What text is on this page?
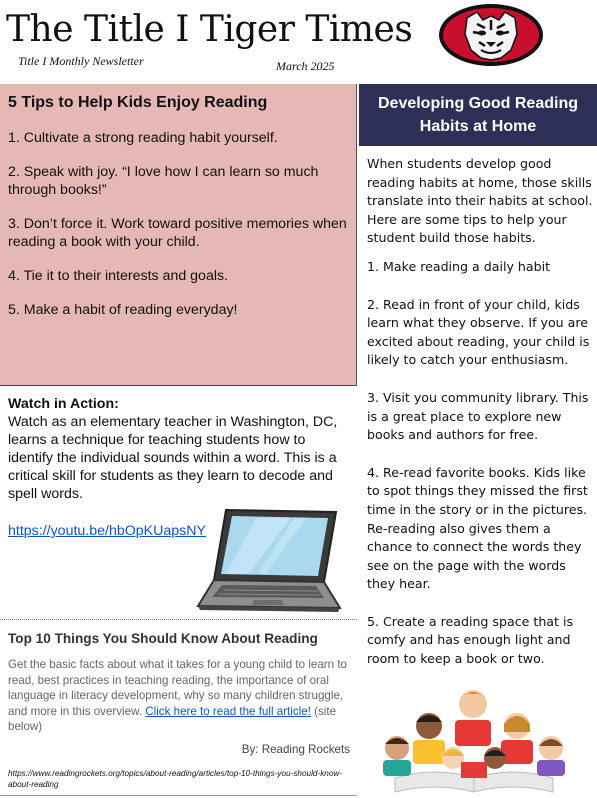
The Title I Tiger Times
Title I Monthly Newsletter	March 2025
5 Tips to Help Kids Enjoy Reading
1. Cultivate a strong reading habit yourself.
2. Speak with joy. “I love how I can learn so much through books!”
3. Don’t force it. Work toward positive memories when reading a book with your child.
4. Tie it to their interests and goals.
5. Make a habit of reading everyday!
Watch in Action:
Watch as an elementary teacher in Washington, DC, learns a technique for teaching students how to identify the individual sounds within a word. This is a critical skill for students as they learn to decode and spell words.
https://youtu.be/hbOpKUapsNY
Top 10 Things You Should Know About Reading

Get the basic facts about what it takes for a young child to learn to read, best practices in teaching reading, the importance of oral language in literacy development, why so many children struggle, and more in this overview. Click here to read the full article! (site below)

By: Reading Rockets
https://www.readingrockets.org/topics/about-reading/articles/top-10-things-you-should-know-about-reading
Developing Good Reading Habits at Home

When students develop good reading habits at home, those skills translate into their habits at school. Here are some tips to help your student build those habits.

1. Make reading a daily habit

2. Read in front of your child, kids learn what they observe. If you are excited about reading, your child is likely to catch your enthusiasm.

3. Visit you community library. This is a great place to explore new books and authors for free.

4. Re-read favorite books. Kids like to spot things they missed the first time in the story or in the pictures. Re-reading also gives them a chance to connect the words they see on the page with the words they hear.

5. Create a reading space that is comfy and has enough light and room to keep a book or two.
